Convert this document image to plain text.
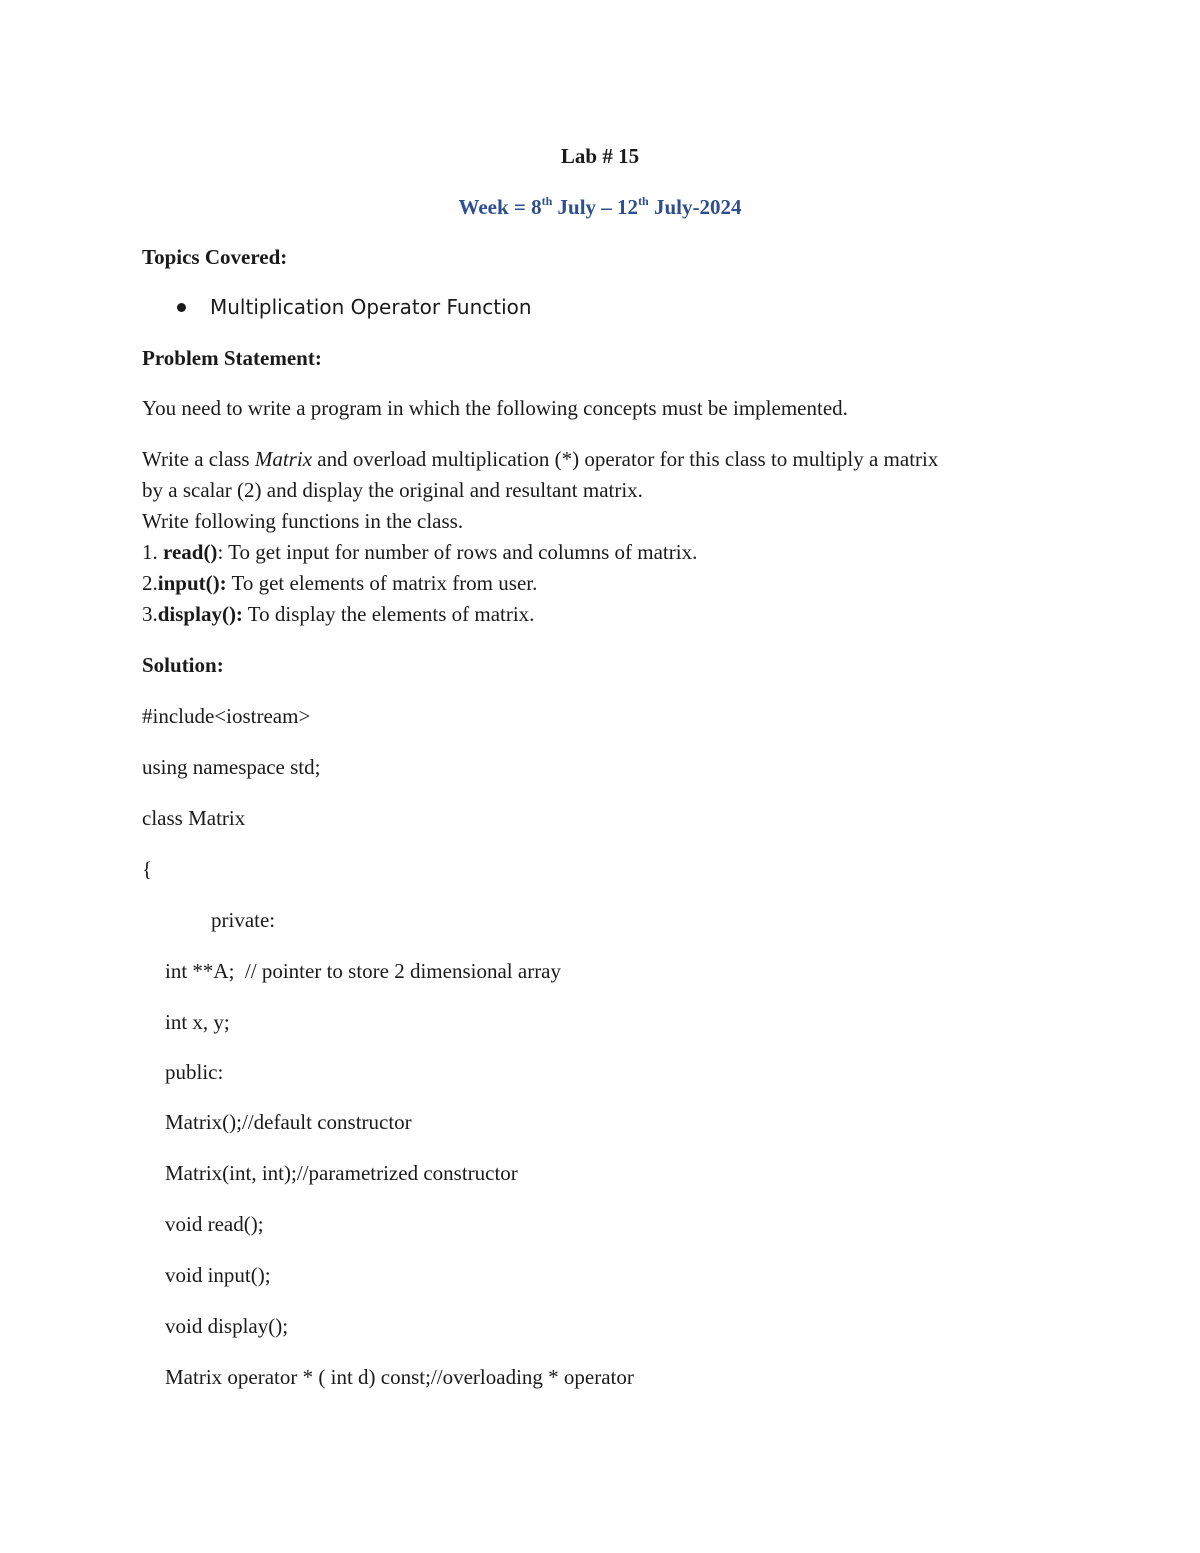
Lab # 15
Week = 8th July – 12th July-2024
Topics Covered:
Multiplication Operator Function
Problem Statement:
You need to write a program in which the following concepts must be implemented.
Write a class Matrix and overload multiplication (*) operator for this class to multiply a matrix
by a scalar (2) and display the original and resultant matrix.
Write following functions in the class.
1. read(): To get input for number of rows and columns of matrix.
2.input(): To get elements of matrix from user.
3.display(): To display the elements of matrix.
Solution:
#include<iostream>
using namespace std;
class Matrix
{
private:
int **A;  // pointer to store 2 dimensional array
int x, y;
public:
Matrix();//default constructor
Matrix(int, int);//parametrized constructor
void read();
void input();
void display();
Matrix operator * ( int d) const;//overloading * operator
